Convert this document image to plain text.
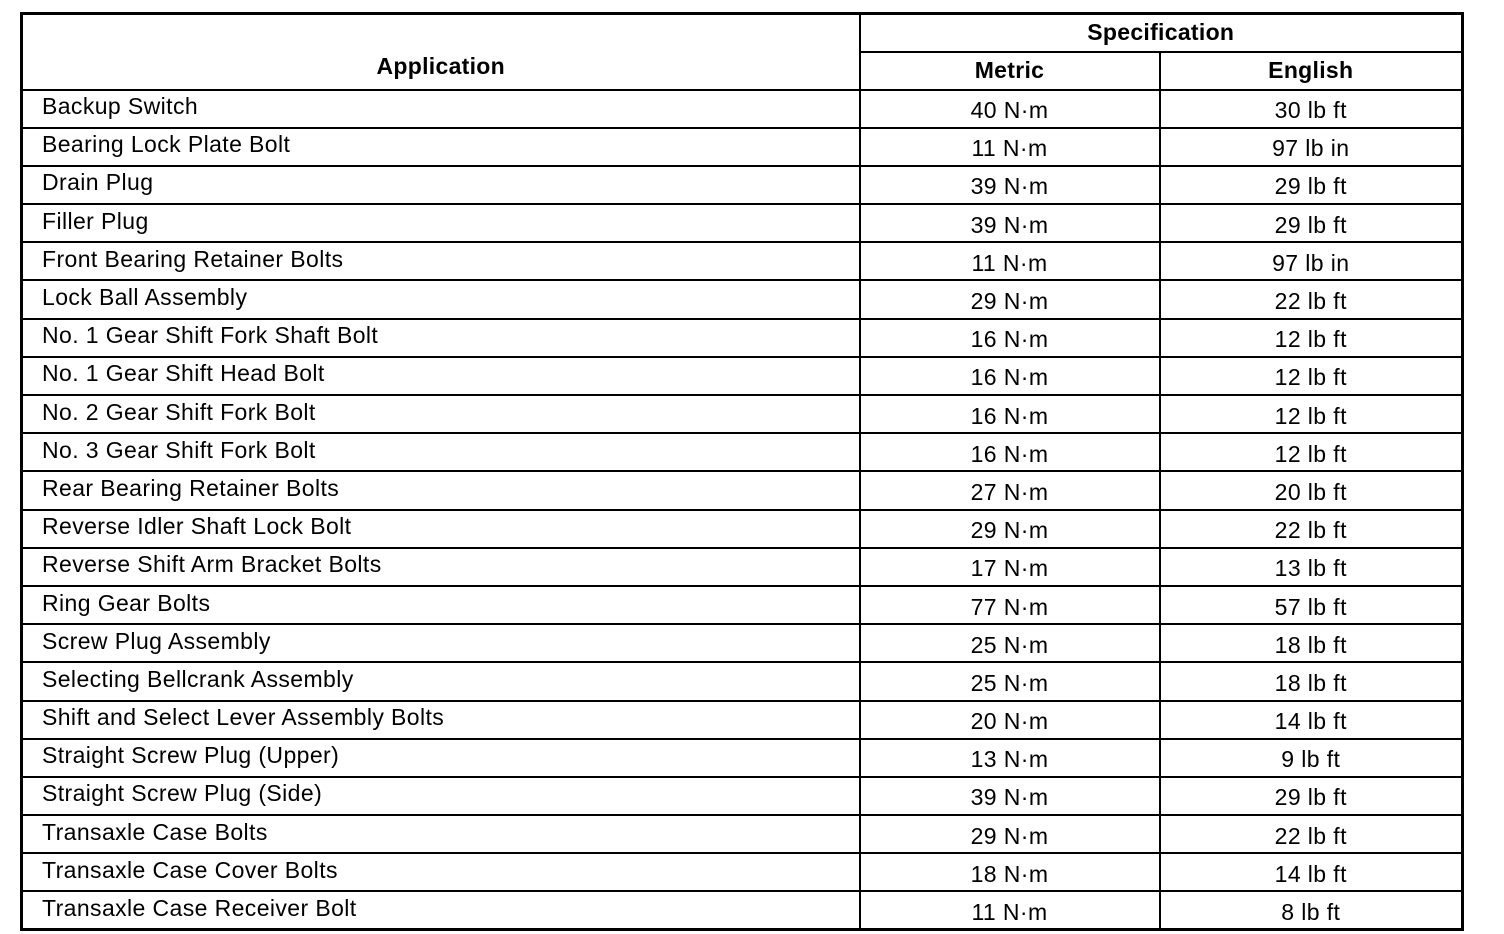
Application	Specification	
	Metric	English
Backup Switch	40 N·m	30 lb ft
Bearing Lock Plate Bolt	11 N·m	97 lb in
Drain Plug	39 N·m	29 lb ft
Filler Plug	39 N·m	29 lb ft
Front Bearing Retainer Bolts	11 N·m	97 lb in
Lock Ball Assembly	29 N·m	22 lb ft
No. 1 Gear Shift Fork Shaft Bolt	16 N·m	12 lb ft
No. 1 Gear Shift Head Bolt	16 N·m	12 lb ft
No. 2 Gear Shift Fork Bolt	16 N·m	12 lb ft
No. 3 Gear Shift Fork Bolt	16 N·m	12 lb ft
Rear Bearing Retainer Bolts	27 N·m	20 lb ft
Reverse Idler Shaft Lock Bolt	29 N·m	22 lb ft
Reverse Shift Arm Bracket Bolts	17 N·m	13 lb ft
Ring Gear Bolts	77 N·m	57 lb ft
Screw Plug Assembly	25 N·m	18 lb ft
Selecting Bellcrank Assembly	25 N·m	18 lb ft
Shift and Select Lever Assembly Bolts	20 N·m	14 lb ft
Straight Screw Plug (Upper)	13 N·m	9 lb ft
Straight Screw Plug (Side)	39 N·m	29 lb ft
Transaxle Case Bolts	29 N·m	22 lb ft
Transaxle Case Cover Bolts	18 N·m	14 lb ft
Transaxle Case Receiver Bolt	11 N·m	8 lb ft
